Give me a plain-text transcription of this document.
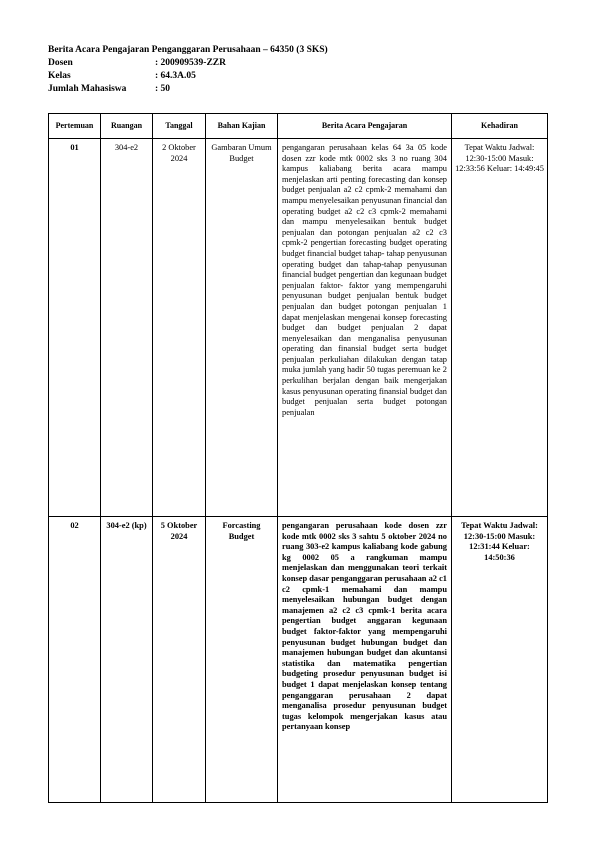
Berita Acara Pengajaran Penganggaran Perusahaan – 64350 (3 SKS)
Dosen	: 200909539-ZZR
Kelas	: 64.3A.05
Jumlah Mahasiswa	: 50
Pertemuan	Ruangan	Tanggal	Bahan Kajian	Berita Acara Pengajaran	Kehadiran
01	304-e2	2 Oktober 2024	Gambaran Umum Budget	pengangaran perusahaan kelas 64 3a 05 kode dosen zzr kode mtk 0002 sks 3 no ruang 304 kampus kaliabang berita acara mampu menjelaskan arti penting forecasting dan konsep budget penjualan a2 c2 cpmk-2 memahami dan mampu menyelesaikan penyusunan financial dan operating budget a2 c2 c3 cpmk-2 memahami dan mampu menyelesaikan bentuk budget penjualan dan potongan penjualan a2 c2 c3 cpmk-2 pengertian forecasting budget operating budget financial budget tahap- tahap penyusunan operating budget dan tahap-tahap penyusunan financial budget pengertian dan kegunaan budget penjualan faktor- faktor yang mempengaruhi penyusunan budget penjualan bentuk budget penjualan dan budget potongan penjualan 1 dapat menjelaskan mengenai konsep forecasting budget dan budget penjualan 2 dapat menyelesaikan dan menganalisa penyusunan operating dan finansial budget serta budget penjualan perkuliahan dilakukan dengan tatap muka jumlah yang hadir 50 tugas peremuan ke 2 perkulihan berjalan dengan baik mengerjakan kasus penyusunan operating finansial budget dan budget penjualan serta budget potongan penjualan	Tepat Waktu Jadwal: 12:30-15:00 Masuk: 12:33:56 Keluar: 14:49:45
02	304-e2 (kp)	5 Oktober 2024	Forcasting Budget	pengangaran perusahaan kode dosen zzr kode mtk 0002 sks 3 sahtu 5 oktober 2024 no ruang 303-e2 kampus kaliabang kode gabung kg 0002 05 a rangkuman mampu menjelaskan dan menggunakan teori terkait konsep dasar penganggaran perusahaan a2 c1 c2 cpmk-1 memahami dan mampu menyelesaikan hubungan budget dengan manajemen a2 c2 c3 cpmk-1 berita acara pengertian budget anggaran kegunaan budget faktor-faktor yang mempengaruhi penyusunan budget hubungan budget dan manajemen hubungan budget dan akuntansi statistika dan matematika pengertian budgeting prosedur penyusunan budget isi budget 1 dapat menjelaskan konsep tentang penganggaran perusahaan 2 dapat menganalisa prosedur penyusunan budget tugas kelompok mengerjakan kasus atau pertanyaan konsep	Tepat Waktu Jadwal: 12:30-15:00 Masuk: 12:31:44 Keluar: 14:50:36
